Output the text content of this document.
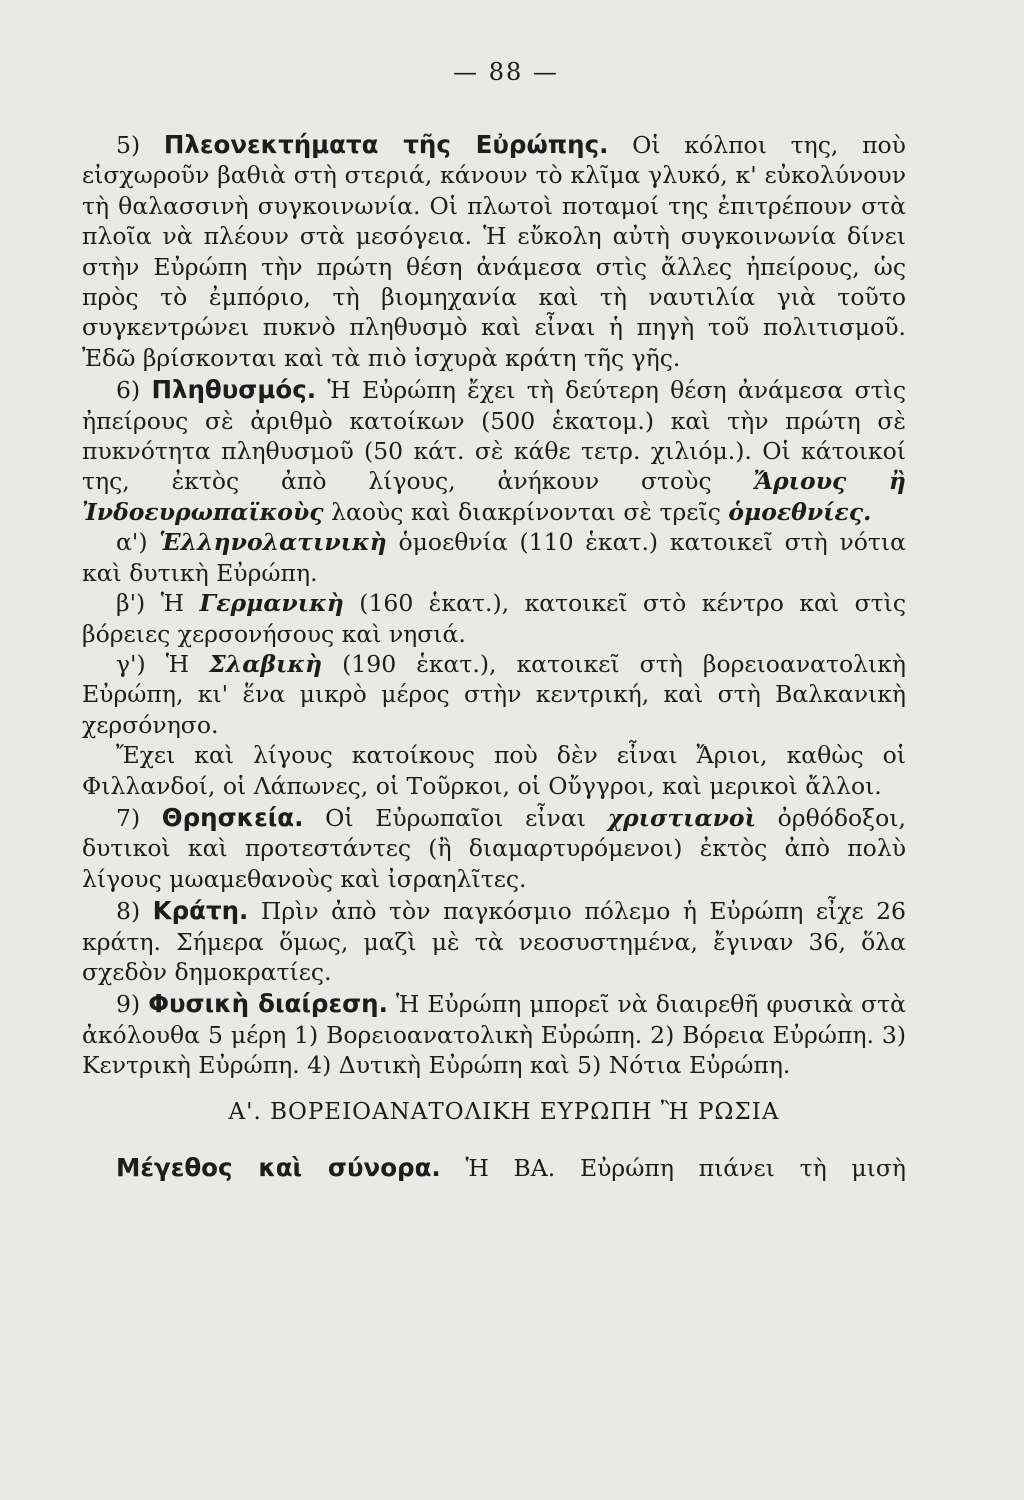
— 88 —

5) Πλεονεκτήματα τῆς Εὐρώπης. Οἱ κόλποι της, ποὺ εἰσχωροῦν βαθιὰ στὴ στεριά, κάνουν τὸ κλῖμα γλυκό, κ' εὐκολύνουν τὴ θαλασσινὴ συγκοινωνία. Οἱ πλωτοὶ ποταμοί της ἐπιτρέπουν στὰ πλοῖα νὰ πλέουν στὰ μεσόγεια. Ἡ εὔκολη αὐτὴ συγκοινωνία δίνει στὴν Εὐρώπη τὴν πρώτη θέση ἀνάμεσα στὶς ἄλλες ἠπείρους, ὡς πρὸς τὸ ἐμπόριο, τὴ βιομηχανία καὶ τὴ ναυτιλία γιὰ τοῦτο συγκεντρώνει πυκνὸ πληθυσμὸ καὶ εἶναι ἡ πηγὴ τοῦ πολιτισμοῦ. Ἐδῶ βρίσκονται καὶ τὰ πιὸ ἰσχυρὰ κράτη τῆς γῆς.

6) Πληθυσμός. Ἡ Εὐρώπη ἔχει τὴ δεύτερη θέση ἀνάμεσα στὶς ἠπείρους σὲ ἀριθμὸ κατοίκων (500 ἑκατομ.) καὶ τὴν πρώτη σὲ πυκνότητα πληθυσμοῦ (50 κάτ. σὲ κάθε τετρ. χιλιόμ.). Οἱ κάτοικοί της, ἐκτὸς ἀπὸ λίγους, ἀνήκουν στοὺς Ἄριους ἢ Ἰνδοευρωπαϊκοὺς λαοὺς καὶ διακρίνονται σὲ τρεῖς ὁμοεθνίες.

α') Ἑλληνολατινικὴ ὁμοεθνία (110 ἑκατ.) κατοικεῖ στὴ νότια καὶ δυτικὴ Εὐρώπη.

β') Ἡ Γερμανικὴ (160 ἑκατ.), κατοικεῖ στὸ κέντρο καὶ στὶς βόρειες χερσονήσους καὶ νησιά.

γ') Ἡ Σλαβικὴ (190 ἑκατ.), κατοικεῖ στὴ βορειοανατολικὴ Εὐρώπη, κι' ἕνα μικρὸ μέρος στὴν κεντρική, καὶ στὴ Βαλκανικὴ χερσόνησο.

Ἔχει καὶ λίγους κατοίκους ποὺ δὲν εἶναι Ἄριοι, καθὼς οἱ Φιλλανδοί, οἱ Λάπωνες, οἱ Τοῦρκοι, οἱ Οὔγγροι, καὶ μερικοὶ ἄλλοι.

7) Θρησκεία. Οἱ Εὐρωπαῖοι εἶναι χριστιανοὶ ὀρθόδοξοι, δυτικοὶ καὶ προτεστάντες (ἢ διαμαρτυρόμενοι) ἐκτὸς ἀπὸ πολὺ λίγους μωαμεθανοὺς καὶ ἰσραηλῖτες.

8) Κράτη. Πρὶν ἀπὸ τὸν παγκόσμιο πόλεμο ἡ Εὐρώπη εἶχε 26 κράτη. Σήμερα ὅμως, μαζὶ μὲ τὰ νεοσυστημένα, ἔγιναν 36, ὅλα σχεδὸν δημοκρατίες.

9) Φυσικὴ διαίρεση. Ἡ Εὐρώπη μπορεῖ νὰ διαιρεθῆ φυσικὰ στὰ ἀκόλουθα 5 μέρη 1) Βορειοανατολικὴ Εὐρώπη. 2) Βόρεια Εὐρώπη. 3) Κεντρικὴ Εὐρώπη. 4) Δυτικὴ Εὐρώπη καὶ 5) Νότια Εὐρώπη.

Α'. ΒΟΡΕΙΟΑΝΑΤΟΛΙΚΗ ΕΥΡΩΠΗ Ἢ ΡΩΣΙΑ

Μέγεθος καὶ σύνορα. Ἡ ΒΑ. Εὐρώπη πιάνει τὴ μισὴ
